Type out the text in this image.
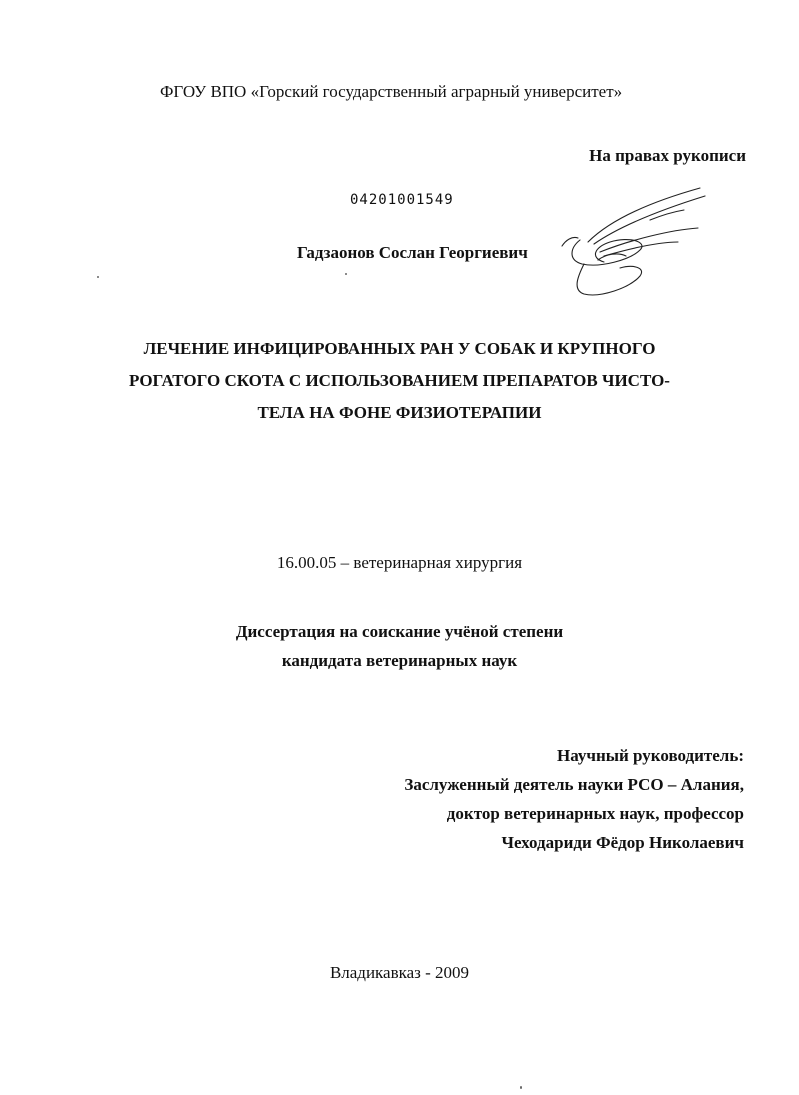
ФГОУ ВПО «Горский государственный аграрный университет»
На правах рукописи
04201001549
Гадзаонов Сослан Георгиевич
ЛЕЧЕНИЕ ИНФИЦИРОВАННЫХ РАН У СОБАК И КРУПНОГО
РОГАТОГО СКОТА С ИСПОЛЬЗОВАНИЕМ ПРЕПАРАТОВ ЧИСТО-
ТЕЛА НА ФОНЕ ФИЗИОТЕРАПИИ
16.00.05 – ветеринарная хирургия
Диссертация на соискание учёной степени
кандидата ветеринарных наук
Научный руководитель:
Заслуженный деятель науки РСО – Алания,
доктор ветеринарных наук, профессор
Чеходариди Фёдор Николаевич
Владикавказ - 2009
